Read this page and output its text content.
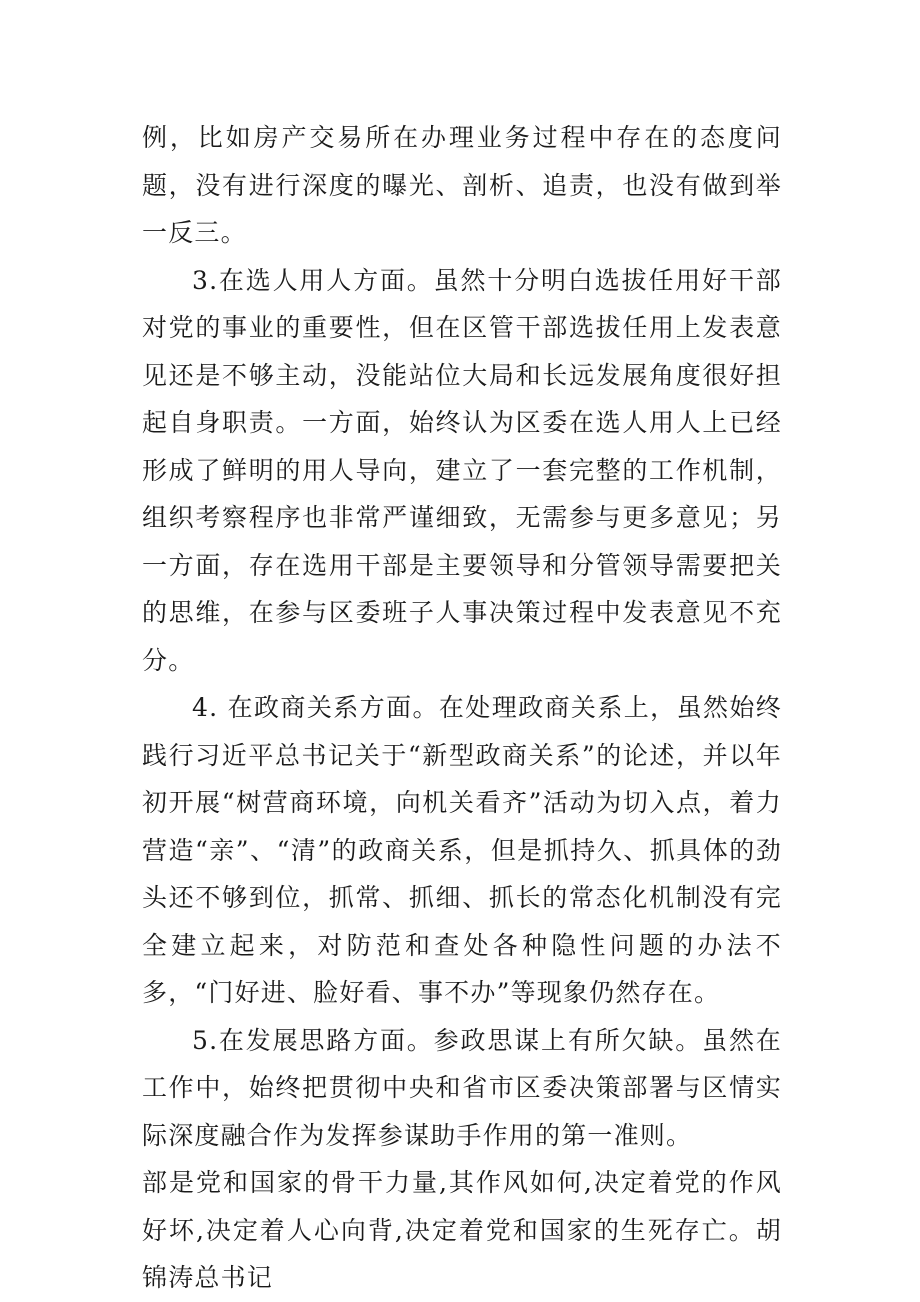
例，比如房产交易所在办理业务过程中存在的态度问题，没有进行深度的曝光、剖析、追责，也没有做到举一反三。

3.在选人用人方面。虽然十分明白选拔任用好干部对党的事业的重要性，但在区管干部选拔任用上发表意见还是不够主动，没能站位大局和长远发展角度很好担起自身职责。一方面，始终认为区委在选人用人上已经形成了鲜明的用人导向，建立了一套完整的工作机制，组织考察程序也非常严谨细致，无需参与更多意见；另一方面，存在选用干部是主要领导和分管领导需要把关的思维，在参与区委班子人事决策过程中发表意见不充分。

4. 在政商关系方面。在处理政商关系上，虽然始终践行习近平总书记关于“新型政商关系”的论述，并以年初开展“树营商环境，向机关看齐”活动为切入点，着力营造“亲”、“清”的政商关系，但是抓持久、抓具体的劲头还不够到位，抓常、抓细、抓长的常态化机制没有完全建立起来，对防范和查处各种隐性问题的办法不多，“门好进、脸好看、事不办”等现象仍然存在。

5.在发展思路方面。参政思谋上有所欠缺。虽然在工作中，始终把贯彻中央和省市区委决策部署与区情实际深度融合作为发挥参谋助手作用的第一准则。

部是党和国家的骨干力量,其作风如何,决定着党的作风好坏,决定着人心向背,决定着党和国家的生死存亡。胡锦涛总书记
